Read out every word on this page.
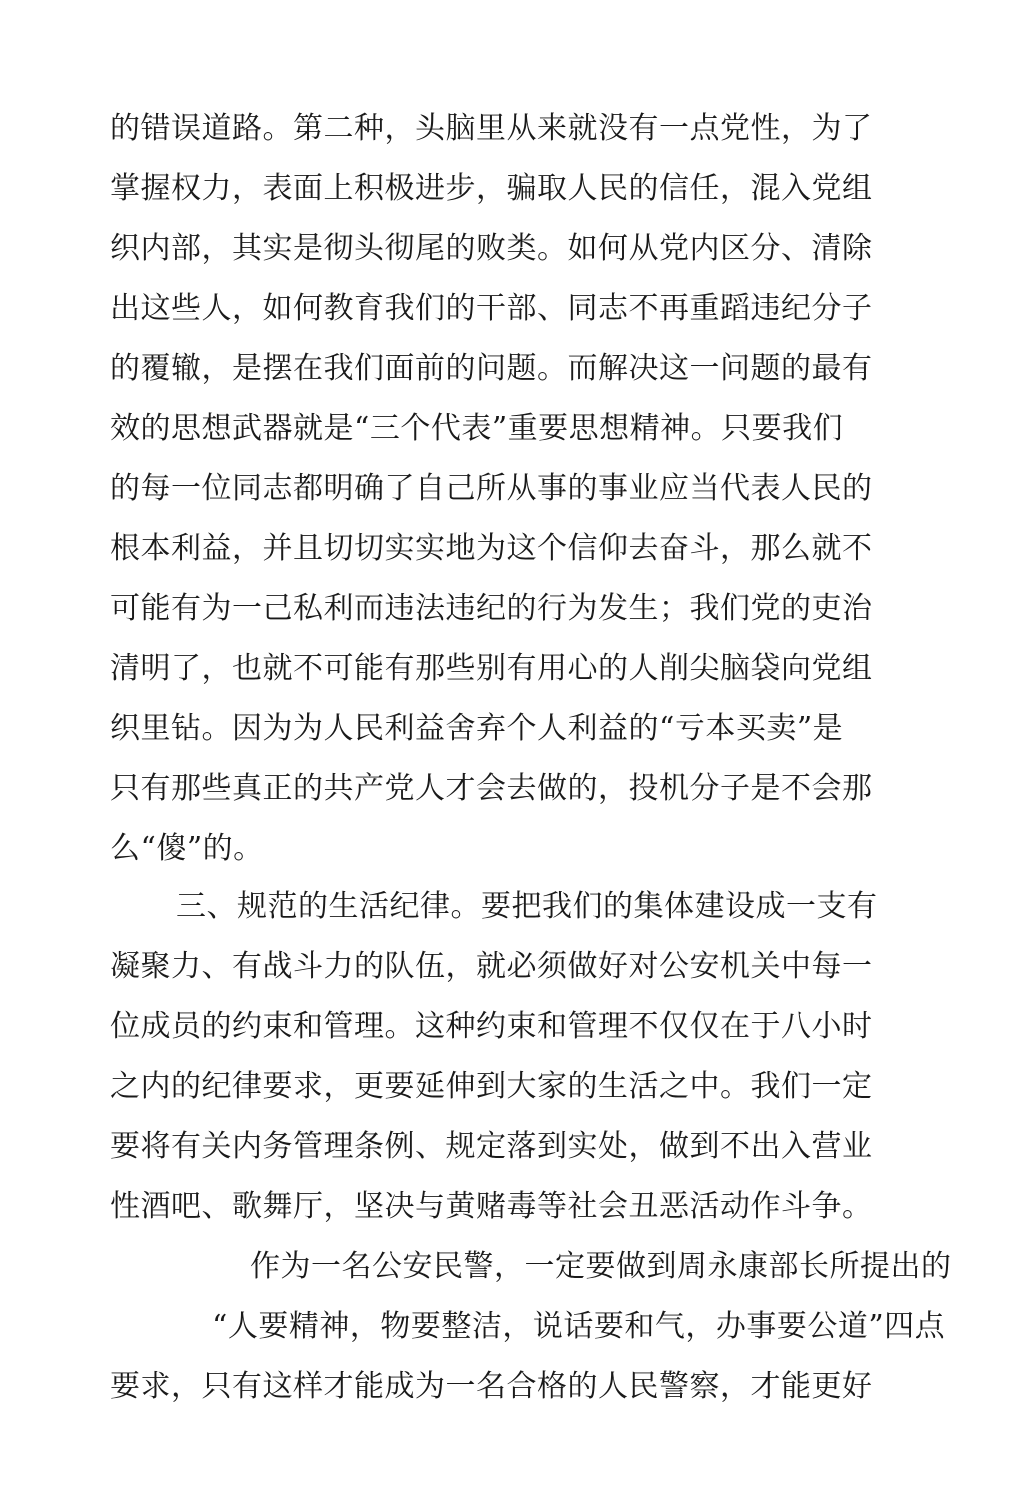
的错误道路。第二种，头脑里从来就没有一点党性，为了
掌握权力，表面上积极进步，骗取人民的信任，混入党组
织内部，其实是彻头彻尾的败类。如何从党内区分、清除
出这些人，如何教育我们的干部、同志不再重蹈违纪分子
的覆辙，是摆在我们面前的问题。而解决这一问题的最有
效的思想武器就是“三个代表”重要思想精神。只要我们
的每一位同志都明确了自己所从事的事业应当代表人民的
根本利益，并且切切实实地为这个信仰去奋斗，那么就不
可能有为一己私利而违法违纪的行为发生；我们党的吏治
清明了，也就不可能有那些别有用心的人削尖脑袋向党组
织里钻。因为为人民利益舍弃个人利益的“亏本买卖”是
只有那些真正的共产党人才会去做的，投机分子是不会那
么“傻”的。
三、规范的生活纪律。要把我们的集体建设成一支有
凝聚力、有战斗力的队伍，就必须做好对公安机关中每一
位成员的约束和管理。这种约束和管理不仅仅在于八小时
之内的纪律要求，更要延伸到大家的生活之中。我们一定
要将有关内务管理条例、规定落到实处，做到不出入营业
性酒吧、歌舞厅，坚决与黄赌毒等社会丑恶活动作斗争。
作为一名公安民警，一定要做到周永康部长所提出的
“人要精神，物要整洁，说话要和气，办事要公道”四点
要求，只有这样才能成为一名合格的人民警察，才能更好
